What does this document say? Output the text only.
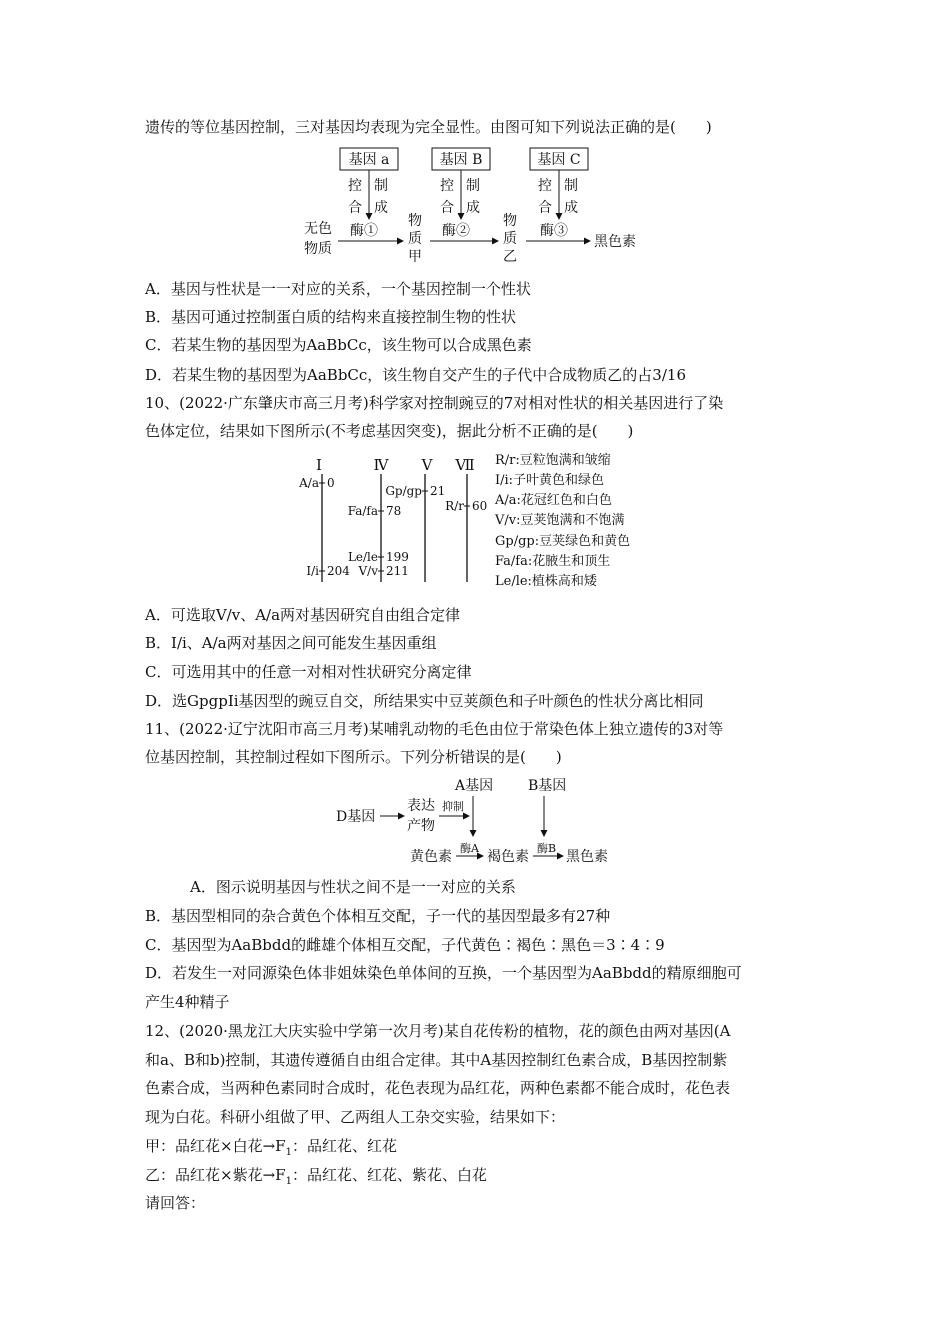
遗传的等位基因控制，三对基因均表现为完全显性。由图可知下列说法正确的是(　　)
基因 a	基因 B	基因 C
控 制
合 成
控 制
合 成
控 制
合 成
酶①	酶②	酶③
无色
物质
物
质
甲
物
质
乙
黑色素
A．基因与性状是一一对应的关系，一个基因控制一个性状
B．基因可通过控制蛋白质的结构来直接控制生物的性状
C．若某生物的基因型为AaBbCc，该生物可以合成黑色素
D．若某生物的基因型为AaBbCc，该生物自交产生的子代中合成物质乙的占3/16
10、(2022·广东肇庆市高三月考)科学家对控制豌豆的7对相对性状的相关基因进行了染
色体定位，结果如下图所示(不考虑基因突变)，据此分析不正确的是(　　)
Ⅰ	Ⅳ Ⅴ Ⅶ
A/a 0
I/i 204
Fa/fa 78
Le/le 199
V/v 211
Gp/gp 21
R/r 60
R/r:豆粒饱满和皱缩
I/i:子叶黄色和绿色
A/a:花冠红色和白色
V/v:豆荚饱满和不饱满
Gp/gp:豆荚绿色和黄色
Fa/fa:花腋生和顶生
Le/le:植株高和矮
A．可选取V/v、A/a两对基因研究自由组合定律
B．I/i、A/a两对基因之间可能发生基因重组
C．可选用其中的任意一对相对性状研究分离定律
D．选GpgpIi基因型的豌豆自交，所结果实中豆荚颜色和子叶颜色的性状分离比相同
11、(2022·辽宁沈阳市高三月考)某哺乳动物的毛色由位于常染色体上独立遗传的3对等
位基因控制，其控制过程如下图所示。下列分析错误的是(　　)
A基因 B基因
D基因
表达
产物
抑制
黄色素
酶A
褐色素
酶B
黑色素
A．图示说明基因与性状之间不是一一对应的关系
B．基因型相同的杂合黄色个体相互交配，子一代的基因型最多有27种
C．基因型为AaBbdd的雌雄个体相互交配，子代黄色∶褐色∶黑色＝3∶4∶9
D．若发生一对同源染色体非姐妹染色单体间的互换，一个基因型为AaBbdd的精原细胞可
产生4种精子
12、(2020·黑龙江大庆实验中学第一次月考)某自花传粉的植物，花的颜色由两对基因(A
和a、B和b)控制，其遗传遵循自由组合定律。其中A基因控制红色素合成，B基因控制紫
色素合成，当两种色素同时合成时，花色表现为品红花，两种色素都不能合成时，花色表
现为白花。科研小组做了甲、乙两组人工杂交实验，结果如下：
甲：品红花×白花$\to F_1$：品红花、红花
乙：品红花×紫花$\to F_1$：品红花、红花、紫花、白花
请回答：
